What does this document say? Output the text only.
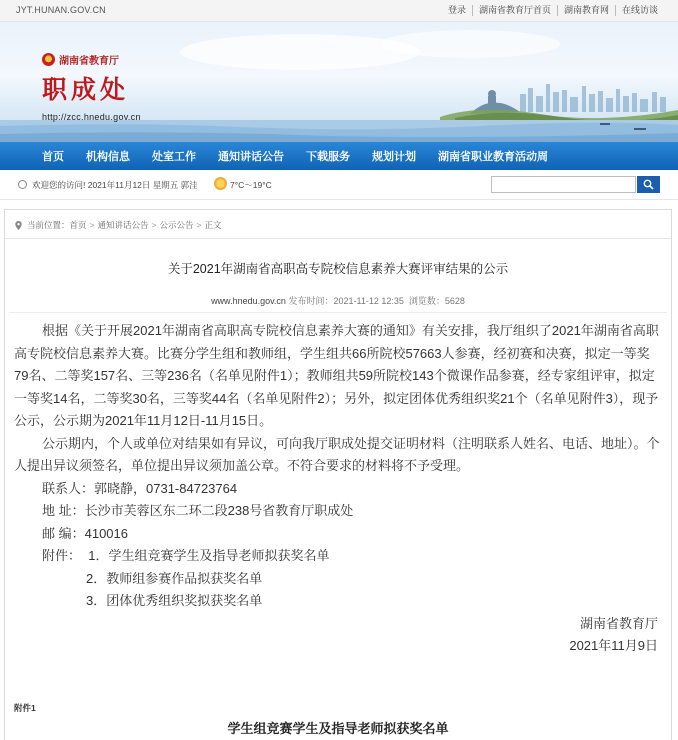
JYT.HUNAN.GOV.CN	登录	湖南省教育厅首页	湖南教育网	在线访谈
湖南省教育厅
职成处
http://zcc.hnedu.gov.cn
首页 机构信息 处室工作 通知讲话公告 下载服务 规划计划 湖南省职业教育活动周
欢迎您的访问! 2021年11月12日 星期五 郭洼	7°C～19°C
当前位置： 首页 > 通知讲话公告 > 公示公告 > 正文
关于2021年湖南省高职高专院校信息素养大赛评审结果的公示
www.hnedu.gov.cn 发布时间：2021-11-12 12:35 浏览数：5628

根据《关于开展2021年湖南省高职高专院校信息素养大赛的通知》有关安排，我厅组织了2021年湖南省高职高专院校信息素养大赛。比赛分学生组和教师组，学生组共66所院校57663人参赛，经初赛和决赛，拟定一等奖79名、二等奖157名、三等236名（名单见附件1）；教师组共59所院校143个微课作品参赛，经专家组评审，拟定一等奖14名，二等奖30名，三等奖44名（名单见附件2）；另外，拟定团体优秀组织奖21个（名单见附件3），现予公示，公示期为2021年11月12日-11月15日。

公示期内，个人或单位对结果如有异议，可向我厅职成处提交证明材料（注明联系人姓名、电话、地址）。个人提出异议须签名，单位提出异议须加盖公章。不符合要求的材料将不予受理。

联系人：郭晓静，0731-84723764

地 址：长沙市芙蓉区东二环二段238号省教育厅职成处

邮 编：410016

附件： 1．学生组竞赛学生及指导老师拟获奖名单

2．教师组参赛作品拟获奖名单

3．团体优秀组织奖拟获奖名单

湖南省教育厅

2021年11月9日

附件1
学生组竞赛学生及指导老师拟获奖名单
